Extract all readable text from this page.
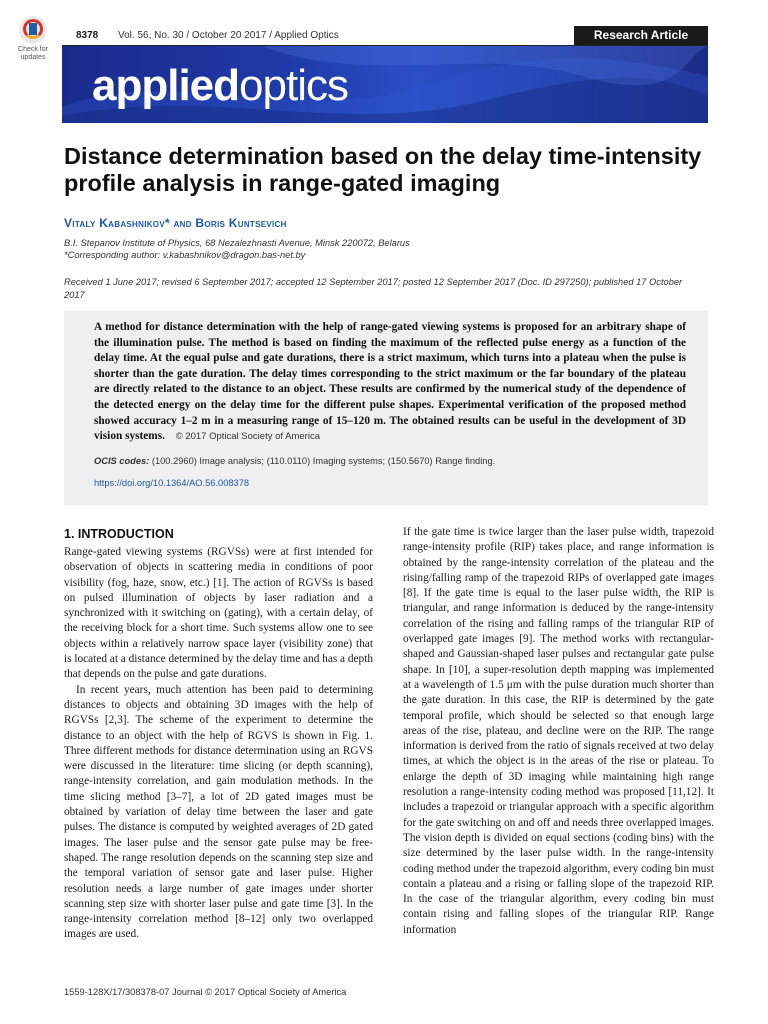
Check for
updates
8378 Vol. 56, No. 30 / October 20 2017 / Applied Optics	Research Article
appliedoptics
Distance determination based on the delay time-intensity profile analysis in range-gated imaging
Vitaly Kabashnikov* and Boris Kuntsevich
B.I. Stepanov Institute of Physics, 68 Nezalezhnasti Avenue, Minsk 220072, Belarus
*Corresponding author: v.kabashnikov@dragon.bas-net.by
Received 1 June 2017; revised 6 September 2017; accepted 12 September 2017; posted 12 September 2017 (Doc. ID 297250); published 17 October 2017
A method for distance determination with the help of range-gated viewing systems is proposed for an arbitrary shape of the illumination pulse. The method is based on finding the maximum of the reflected pulse energy as a function of the delay time. At the equal pulse and gate durations, there is a strict maximum, which turns into a plateau when the pulse is shorter than the gate duration. The delay times corresponding to the strict maximum or the far boundary of the plateau are directly related to the distance to an object. These results are confirmed by the numerical study of the dependence of the detected energy on the delay time for the different pulse shapes. Experimental verification of the proposed method showed accuracy 1–2 m in a measuring range of 15–120 m. The obtained results can be useful in the development of 3D vision systems. © 2017 Optical Society of America
OCIS codes: (100.2960) Image analysis; (110.0110) Imaging systems; (150.5670) Range finding.
https://doi.org/10.1364/AO.56.008378
1. INTRODUCTION

Range-gated viewing systems (RGVSs) were at first intended for observation of objects in scattering media in conditions of poor visibility (fog, haze, snow, etc.) [1]. The action of RGVSs is based on pulsed illumination of objects by laser radiation and a synchronized with it switching on (gating), with a certain delay, of the receiving block for a short time. Such systems allow one to see objects within a relatively narrow space layer (visibility zone) that is located at a distance determined by the delay time and has a depth that depends on the pulse and gate durations.

In recent years, much attention has been paid to determining distances to objects and obtaining 3D images with the help of RGVSs [2,3]. The scheme of the experiment to determine the distance to an object with the help of RGVS is shown in Fig. 1. Three different methods for distance determination using an RGVS were discussed in the literature: time slicing (or depth scanning), range-intensity correlation, and gain modulation methods. In the time slicing method [3–7], a lot of 2D gated images must be obtained by variation of delay time between the laser and gate pulses. The distance is computed by weighted averages of 2D gated images. The laser pulse and the sensor gate pulse may be free-shaped. The range resolution depends on the scanning step size and the temporal variation of sensor gate and laser pulse. Higher resolution needs a large number of gate images under shorter scanning step size with shorter laser pulse and gate time [3]. In the range-intensity correlation method [8–12] only two overlapped images are used.

If the gate time is twice larger than the laser pulse width, trapezoid range-intensity profile (RIP) takes place, and range information is obtained by the range-intensity correlation of the plateau and the rising/falling ramp of the trapezoid RIPs of overlapped gate images [8]. If the gate time is equal to the laser pulse width, the RIP is triangular, and range information is deduced by the range-intensity correlation of the rising and falling ramps of the triangular RIP of overlapped gate images [9]. The method works with rectangular-shaped and Gaussian-shaped laser pulses and rectangular gate pulse shape. In [10], a super-resolution depth mapping was implemented at a wavelength of 1.5 μm with the pulse duration much shorter than the gate duration. In this case, the RIP is determined by the gate temporal profile, which should be selected so that enough large areas of the rise, plateau, and decline were on the RIP. The range information is derived from the ratio of signals received at two delay times, at which the object is in the areas of the rise or plateau. To enlarge the depth of 3D imaging while maintaining high range resolution a range-intensity coding method was proposed [11,12]. It includes a trapezoid or triangular approach with a specific algorithm for the gate switching on and off and needs three overlapped images. The vision depth is divided on equal sections (coding bins) with the size determined by the laser pulse width. In the range-intensity coding method under the trapezoid algorithm, every coding bin must contain a plateau and a rising or falling slope of the trapezoid RIP. In the case of the triangular algorithm, every coding bin must contain rising and falling slopes of the triangular RIP. Range information

1559-128X/17/308378-07 Journal © 2017 Optical Society of America
